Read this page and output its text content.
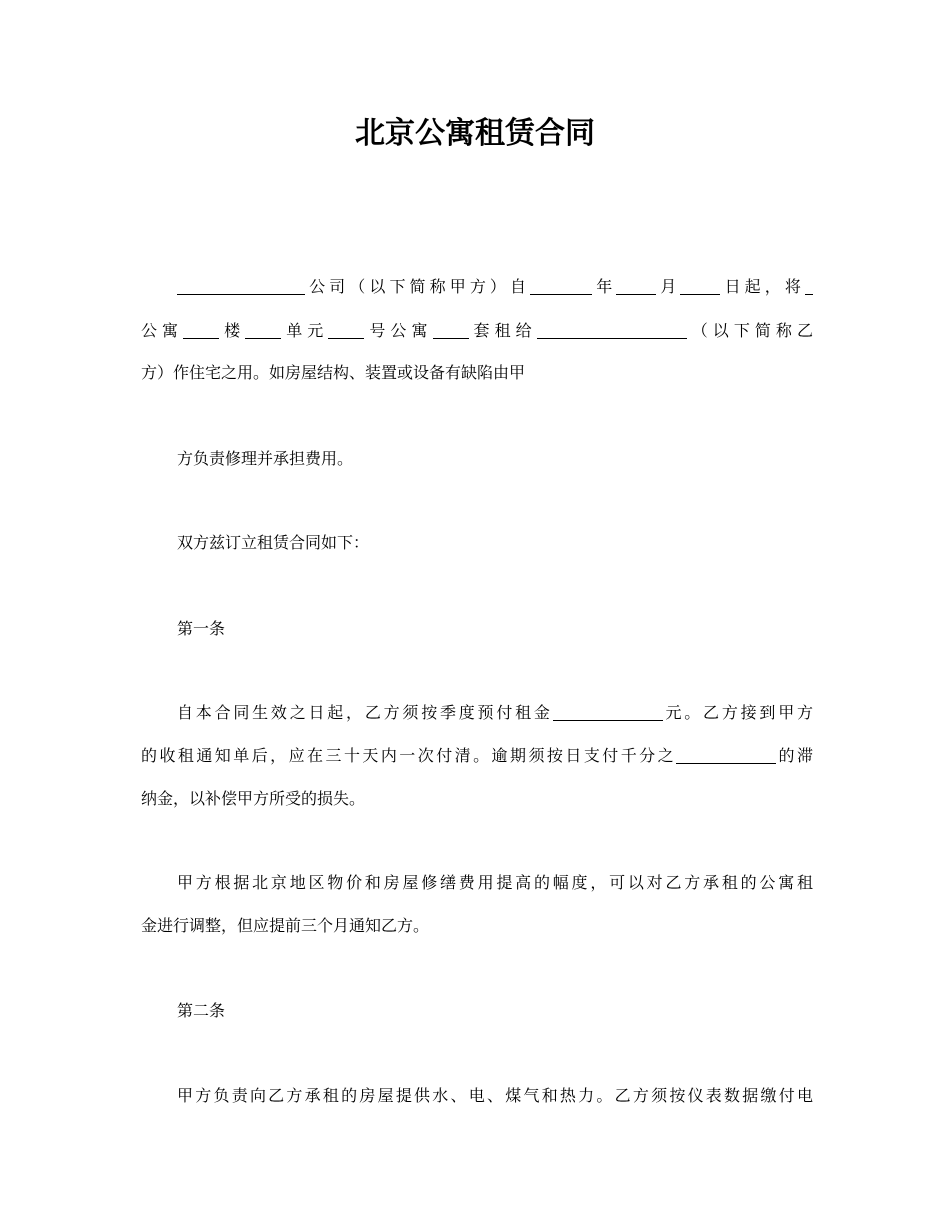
北京公寓租赁合同
公司（以下简称甲方）自	年	月	日起，将
公寓 楼 单元 号公寓 套租给	（以下简称乙
方）作住宅之用。如房屋结构、装置或设备有缺陷由甲
方负责修理并承担费用。
双方兹订立租赁合同如下：
第一条
自本合同生效之日起，乙方须按季度预付租金	元。乙方接到甲方
的收租通知单后，应在三十天内一次付清。逾期须按日支付千分之	的滞
纳金，以补偿甲方所受的损失。
甲方根据北京地区物价和房屋修缮费用提高的幅度，可以对乙方承租的公寓租
金进行调整，但应提前三个月通知乙方。
第二条
甲方负责向乙方承租的房屋提供水、电、煤气和热力。乙方须按仪表数据缴付电
